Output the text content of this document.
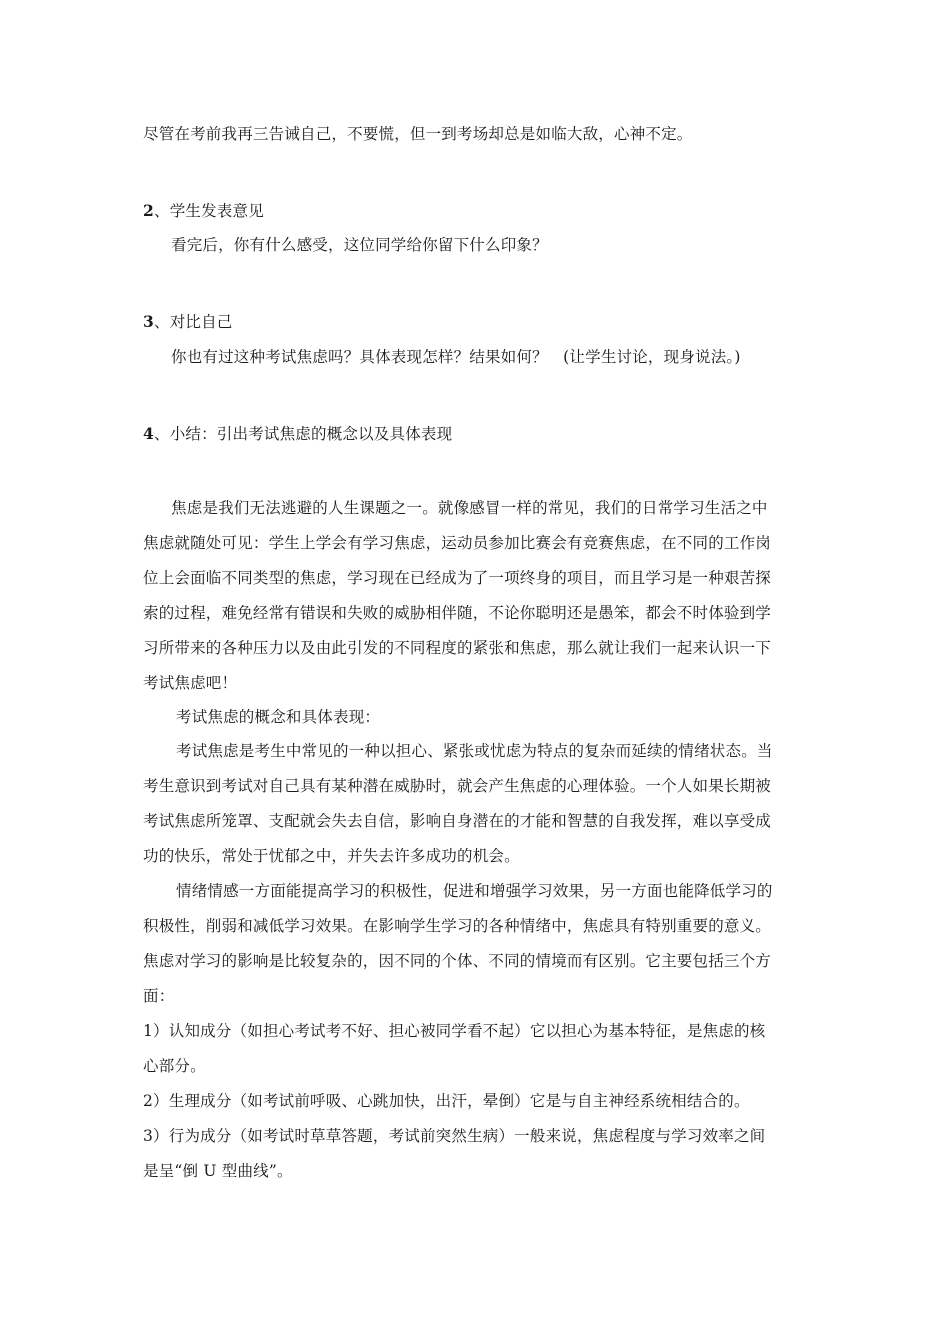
尽管在考前我再三告诫自己，不要慌，但一到考场却总是如临大敌，心神不定。
2、学生发表意见
看完后，你有什么感受，这位同学给你留下什么印象？
3、对比自己
你也有过这种考试焦虑吗？具体表现怎样？结果如何？   (让学生讨论，现身说法。)
4、小结：引出考试焦虑的概念以及具体表现
焦虑是我们无法逃避的人生课题之一。就像感冒一样的常见，我们的日常学习生活之中
焦虑就随处可见：学生上学会有学习焦虑，运动员参加比赛会有竞赛焦虑，在不同的工作岗
位上会面临不同类型的焦虑，学习现在已经成为了一项终身的项目，而且学习是一种艰苦探
索的过程，难免经常有错误和失败的威胁相伴随，不论你聪明还是愚笨，都会不时体验到学
习所带来的各种压力以及由此引发的不同程度的紧张和焦虑，那么就让我们一起来认识一下
考试焦虑吧！
考试焦虑的概念和具体表现：
考试焦虑是考生中常见的一种以担心、紧张或忧虑为特点的复杂而延续的情绪状态。当
考生意识到考试对自己具有某种潜在威胁时，就会产生焦虑的心理体验。一个人如果长期被
考试焦虑所笼罩、支配就会失去自信，影响自身潜在的才能和智慧的自我发挥，难以享受成
功的快乐，常处于忧郁之中，并失去许多成功的机会。
情绪情感一方面能提高学习的积极性，促进和增强学习效果，另一方面也能降低学习的
积极性，削弱和减低学习效果。在影响学生学习的各种情绪中，焦虑具有特别重要的意义。
焦虑对学习的影响是比较复杂的，因不同的个体、不同的情境而有区别。它主要包括三个方
面：
1）认知成分（如担心考试考不好、担心被同学看不起）它以担心为基本特征，是焦虑的核
心部分。
2）生理成分（如考试前呼吸、心跳加快，出汗，晕倒）它是与自主神经系统相结合的。
3）行为成分（如考试时草草答题，考试前突然生病）一般来说，焦虑程度与学习效率之间
是呈“倒 U 型曲线”。
